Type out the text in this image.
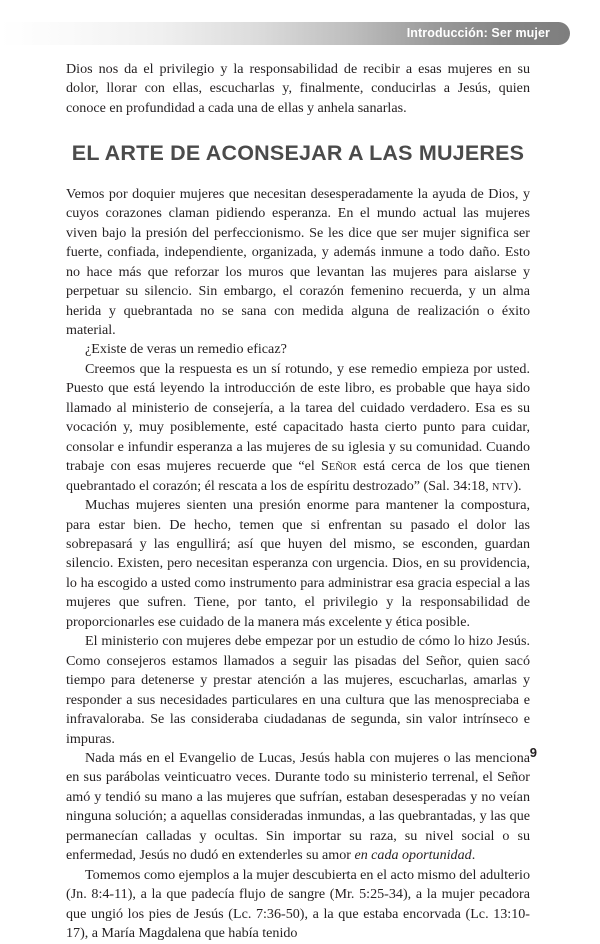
Introducción: Ser mujer

Dios nos da el privilegio y la responsabilidad de recibir a esas mujeres en su dolor, llorar con ellas, escucharlas y, finalmente, conducirlas a Jesús, quien conoce en profundidad a cada una de ellas y anhela sanarlas.

EL ARTE DE ACONSEJAR A LAS MUJERES

Vemos por doquier mujeres que necesitan desesperadamente la ayuda de Dios, y cuyos corazones claman pidiendo esperanza. En el mundo actual las mujeres viven bajo la presión del perfeccionismo. Se les dice que ser mujer significa ser fuerte, confiada, independiente, organizada, y además inmune a todo daño. Esto no hace más que reforzar los muros que levantan las mujeres para aislarse y perpetuar su silencio. Sin embargo, el corazón femenino recuerda, y un alma herida y quebrantada no se sana con medida alguna de realización o éxito material.

¿Existe de veras un remedio eficaz?

Creemos que la respuesta es un sí rotundo, y ese remedio empieza por usted. Puesto que está leyendo la introducción de este libro, es probable que haya sido llamado al ministerio de consejería, a la tarea del cuidado verdadero. Esa es su vocación y, muy posiblemente, esté capacitado hasta cierto punto para cuidar, consolar e infundir esperanza a las mujeres de su iglesia y su comunidad. Cuando trabaje con esas mujeres recuerde que “el Señor está cerca de los que tienen quebrantado el corazón; él rescata a los de espíritu destrozado” (Sal. 34:18, ntv).

Muchas mujeres sienten una presión enorme para mantener la compostura, para estar bien. De hecho, temen que si enfrentan su pasado el dolor las sobrepasará y las engullirá; así que huyen del mismo, se esconden, guardan silencio. Existen, pero necesitan esperanza con urgencia. Dios, en su providencia, lo ha escogido a usted como instrumento para administrar esa gracia especial a las mujeres que sufren. Tiene, por tanto, el privilegio y la responsabilidad de proporcionarles ese cuidado de la manera más excelente y ética posible.

El ministerio con mujeres debe empezar por un estudio de cómo lo hizo Jesús. Como consejeros estamos llamados a seguir las pisadas del Señor, quien sacó tiempo para detenerse y prestar atención a las mujeres, escucharlas, amarlas y responder a sus necesidades particulares en una cultura que las menospreciaba e infravaloraba. Se las consideraba ciudadanas de segunda, sin valor intrínseco e impuras.

Nada más en el Evangelio de Lucas, Jesús habla con mujeres o las menciona en sus parábolas veinticuatro veces. Durante todo su ministerio terrenal, el Señor amó y tendió su mano a las mujeres que sufrían, estaban desesperadas y no veían ninguna solución; a aquellas consideradas inmundas, a las quebrantadas, y las que permanecían calladas y ocultas. Sin importar su raza, su nivel social o su enfermedad, Jesús no dudó en extenderles su amor en cada oportunidad.

Tomemos como ejemplos a la mujer descubierta en el acto mismo del adulterio (Jn. 8:4-11), a la que padecía flujo de sangre (Mr. 5:25-34), a la mujer pecadora que ungió los pies de Jesús (Lc. 7:36-50), a la que estaba encorvada (Lc. 13:10-17), a María Magdalena que había tenido

9
